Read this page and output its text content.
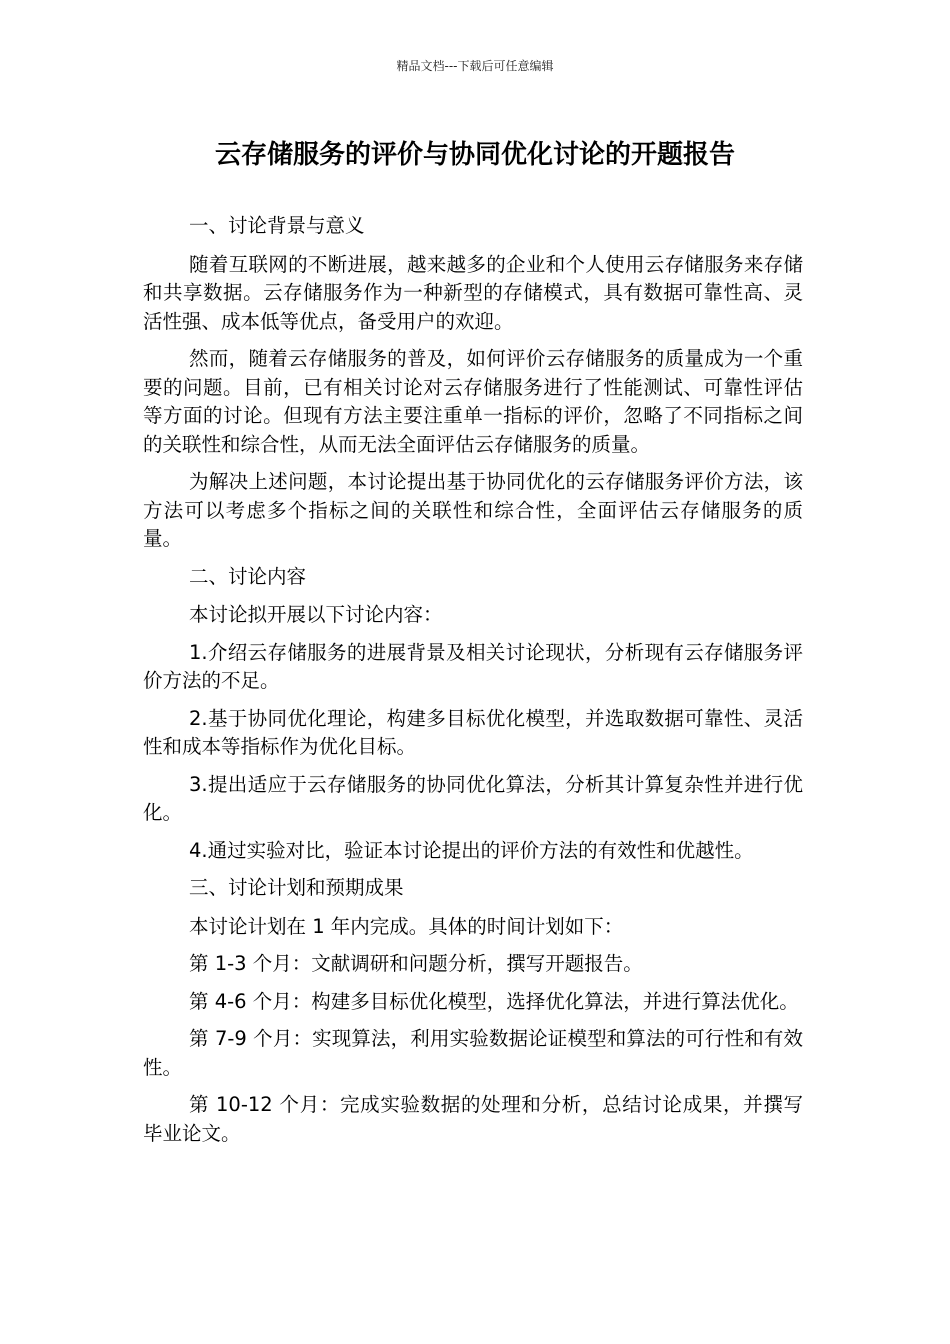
精品文档---下载后可任意编辑
云存储服务的评价与协同优化讨论的开题报告

一、讨论背景与意义

随着互联网的不断进展，越来越多的企业和个人使用云存储服务来存储和共享数据。云存储服务作为一种新型的存储模式，具有数据可靠性高、灵活性强、成本低等优点，备受用户的欢迎。

然而，随着云存储服务的普及，如何评价云存储服务的质量成为一个重要的问题。目前，已有相关讨论对云存储服务进行了性能测试、可靠性评估等方面的讨论。但现有方法主要注重单一指标的评价，忽略了不同指标之间的关联性和综合性，从而无法全面评估云存储服务的质量。

为解决上述问题，本讨论提出基于协同优化的云存储服务评价方法，该方法可以考虑多个指标之间的关联性和综合性，全面评估云存储服务的质量。

二、讨论内容

本讨论拟开展以下讨论内容：

1.介绍云存储服务的进展背景及相关讨论现状，分析现有云存储服务评价方法的不足。

2.基于协同优化理论，构建多目标优化模型，并选取数据可靠性、灵活性和成本等指标作为优化目标。

3.提出适应于云存储服务的协同优化算法，分析其计算复杂性并进行优化。

4.通过实验对比，验证本讨论提出的评价方法的有效性和优越性。

三、讨论计划和预期成果

本讨论计划在 1 年内完成。具体的时间计划如下：

第 1-3 个月：文献调研和问题分析，撰写开题报告。

第 4-6 个月：构建多目标优化模型，选择优化算法，并进行算法优化。

第 7-9 个月：实现算法，利用实验数据论证模型和算法的可行性和有效性。

第 10-12 个月：完成实验数据的处理和分析，总结讨论成果，并撰写毕业论文。
